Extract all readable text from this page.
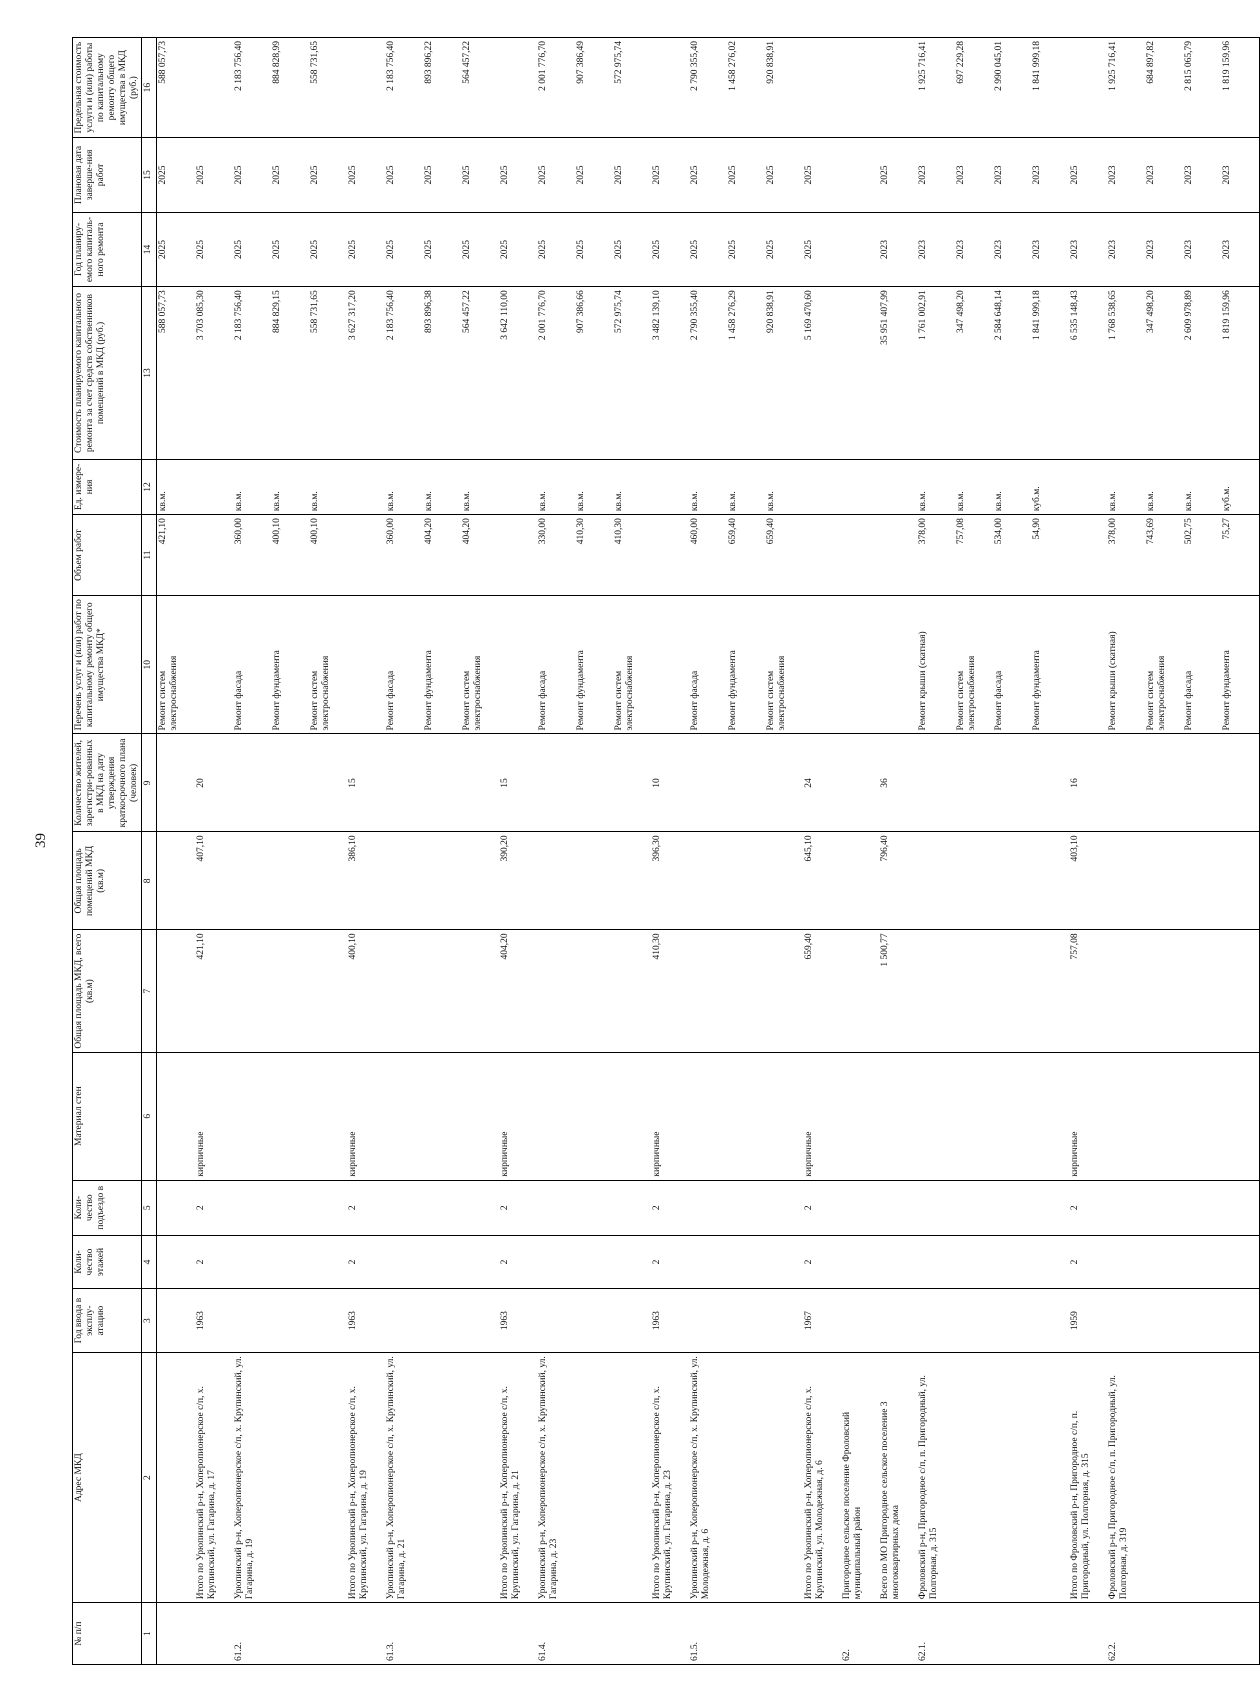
39
№ п/п	Адрес МКД	Год ввода в эксплу-атацию	Коли-чество этажей	Коли-чество подъездо в	Материал стен	Общая площадь МКД, всего (кв.м)	Общая площадь помещений МКД (кв.м)	Количество жителей, зарегистри-рованных в МКД на дату утверждения краткосрочного плана (человек)	Перечень услуг и (или) работ по капитальному ремонту общего имущества МКД*	Объем работ	Ед. измере-ния	Стоимость планируемого капитального ремонта за счет средств собственников помещений в МКД (руб.)	Год планиру-емого капиталь-ного ремонта	Плановая дата заверше-ния работ	Предельная стоимость услуги и (или) работы по капитальному ремонту общего имущества в МКД (руб.)
1	2	3	4	5	6	7	8	9	10	11	12	13	14	15	16
									Ремонт систем электроснабжения	421,10	кв.м.	588 057,73	2025	2025	588 057,73
	Итого по Урюпинский р-н, Хоперопионерское с/п, х. Крупинский, ул. Гагарина, д. 17	1963	2	2	кирпичные	421,10	407,10	20				3 703 085,30	2025	2025	
61.2.	Урюпинский р-н, Хоперопионерское с/п, х. Крупинский, ул. Гагарина, д. 19								Ремонт фасада	360,00	кв.м.	2 183 756,40	2025	2025	2 183 756,40
									Ремонт фундамента	400,10	кв.м.	884 829,15	2025	2025	884 828,99
									Ремонт систем электроснабжения	400,10	кв.м.	558 731,65	2025	2025	558 731,65
	Итого по Урюпинский р-н, Хоперопионерское с/п, х. Крупинский, ул. Гагарина, д. 19	1963	2	2	кирпичные	400,10	386,10	15				3 627 317,20	2025	2025	
61.3.	Урюпинский р-н, Хоперопионерское с/п, х. Крупинский, ул. Гагарина, д. 21								Ремонт фасада	360,00	кв.м.	2 183 756,40	2025	2025	2 183 756,40
									Ремонт фундамента	404,20	кв.м.	893 896,38	2025	2025	893 896,22
									Ремонт систем электроснабжения	404,20	кв.м.	564 457,22	2025	2025	564 457,22
	Итого по Урюпинский р-н, Хоперопионерское с/п, х. Крупинский, ул. Гагарина, д. 21	1963	2	2	кирпичные	404,20	390,20	15				3 642 110,00	2025	2025	
61.4.	Урюпинский р-н, Хоперопионерское с/п, х. Крупинский, ул. Гагарина, д. 23								Ремонт фасада	330,00	кв.м.	2 001 776,70	2025	2025	2 001 776,70
									Ремонт фундамента	410,30	кв.м.	907 386,66	2025	2025	907 386,49
									Ремонт систем электроснабжения	410,30	кв.м.	572 975,74	2025	2025	572 975,74
	Итого по Урюпинский р-н, Хоперопионерское с/п, х. Крупинский, ул. Гагарина, д. 23	1963	2	2	кирпичные	410,30	396,30	10				3 482 139,10	2025	2025	
61.5.	Урюпинский р-н, Хоперопионерское с/п, х. Крупинский, ул. Молодежная, д. 6								Ремонт фасада	460,00	кв.м.	2 790 355,40	2025	2025	2 790 355,40
									Ремонт фундамента	659,40	кв.м.	1 458 276,29	2025	2025	1 458 276,02
									Ремонт систем электроснабжения	659,40	кв.м.	920 838,91	2025	2025	920 838,91
	Итого по Урюпинский р-н, Хоперопионерское с/п, х. Крупинский, ул. Молодежная, д. 6	1967	2	2	кирпичные	659,40	645,10	24				5 169 470,60	2025	2025	
62.	Пригородное сельское поселение Фроловский муниципальный район														
	Всего по МО Пригородное сельское поселение 3 многоквартирных дома					1 500,77	796,40	36				35 951 407,99	2023	2025	
62.1.	Фроловский р-н, Пригородное с/п, п. Пригородный, ул. Полгорная, д. 315								Ремонт крыши (скатная)	378,00	кв.м.	1 761 002,91	2023	2023	1 925 716,41
									Ремонт систем электроснабжения	757,08	кв.м.	347 498,20	2023	2023	697 229,28
									Ремонт фасада	534,00	кв.м.	2 584 648,14	2023	2023	2 990 045,01
									Ремонт фундамента	54,90	куб.м.	1 841 999,18	2023	2023	1 841 999,18
	Итого по Фроловский р-н, Пригородное с/п, п. Пригородный, ул. Полгорная, д. 315	1959	2	2	кирпичные	757,08	403,10	16				6 535 148,43	2023	2025	
62.2.	Фроловский р-н, Пригородное с/п, п. Пригородный, ул. Полгорная, д. 319								Ремонт крыши (скатная)	378,00	кв.м.	1 768 538,65	2023	2023	1 925 716,41
									Ремонт систем электроснабжения	743,69	кв.м.	347 498,20	2023	2023	684 897,82
									Ремонт фасада	502,75	кв.м.	2 609 978,89	2023	2023	2 815 065,79
									Ремонт фундамента	75,27	куб.м.	1 819 159,96	2023	2023	1 819 159,96
